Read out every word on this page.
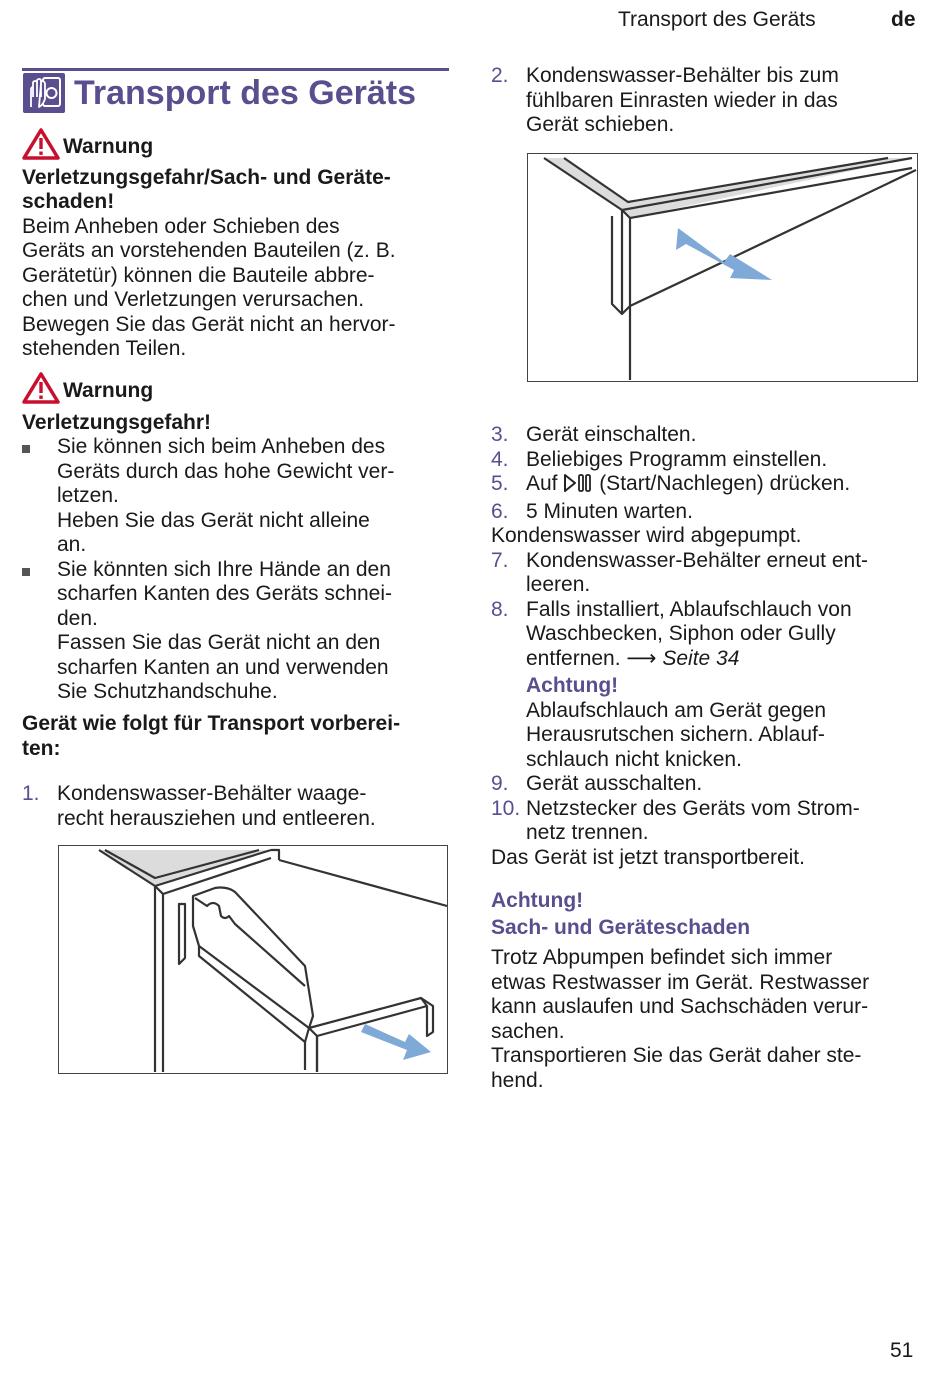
Transport des Geräts	de
Transport des Geräts
Warnung

Verletzungsgefahr/Sach- und Geräte-
schaden!

Beim Anheben oder Schieben des
Geräts an vorstehenden Bauteilen (z. B.
Gerätetür) können die Bauteile abbre-
chen und Verletzungen verursachen.
Bewegen Sie das Gerät nicht an hervor-
stehenden Teilen.

Warnung

Verletzungsgefahr!

Sie können sich beim Anheben des
Geräts durch das hohe Gewicht ver-
letzen.
Heben Sie das Gerät nicht alleine
an.
Sie könnten sich Ihre Hände an den
scharfen Kanten des Geräts schnei-
den.
Fassen Sie das Gerät nicht an den
scharfen Kanten an und verwenden
Sie Schutzhandschuhe.

Gerät wie folgt für Transport vorberei-
ten:

1. Kondenswasser-Behälter waage-
recht herausziehen und entleeren.
2. Kondenswasser-Behälter bis zum
fühlbaren Einrasten wieder in das
Gerät schieben.
3. Gerät einschalten.
4. Beliebiges Programm einstellen.
5. Auf  (Start/Nachlegen) drücken.
6. 5 Minuten warten.
Kondenswasser wird abgepumpt.
7. Kondenswasser-Behälter erneut ent-
leeren.
8. Falls installiert, Ablaufschlauch von
Waschbecken, Siphon oder Gully
entfernen. ⟶ Seite 34
Achtung!
Ablaufschlauch am Gerät gegen
Herausrutschen sichern. Ablauf-
schlauch nicht knicken.
9. Gerät ausschalten.
10. Netzstecker des Geräts vom Strom-
netz trennen.
Das Gerät ist jetzt transportbereit.
Achtung!
Sach- und Geräteschaden
Trotz Abpumpen befindet sich immer
etwas Restwasser im Gerät. Restwasser
kann auslaufen und Sachschäden verur-
sachen.
Transportieren Sie das Gerät daher ste-
hend.
51
